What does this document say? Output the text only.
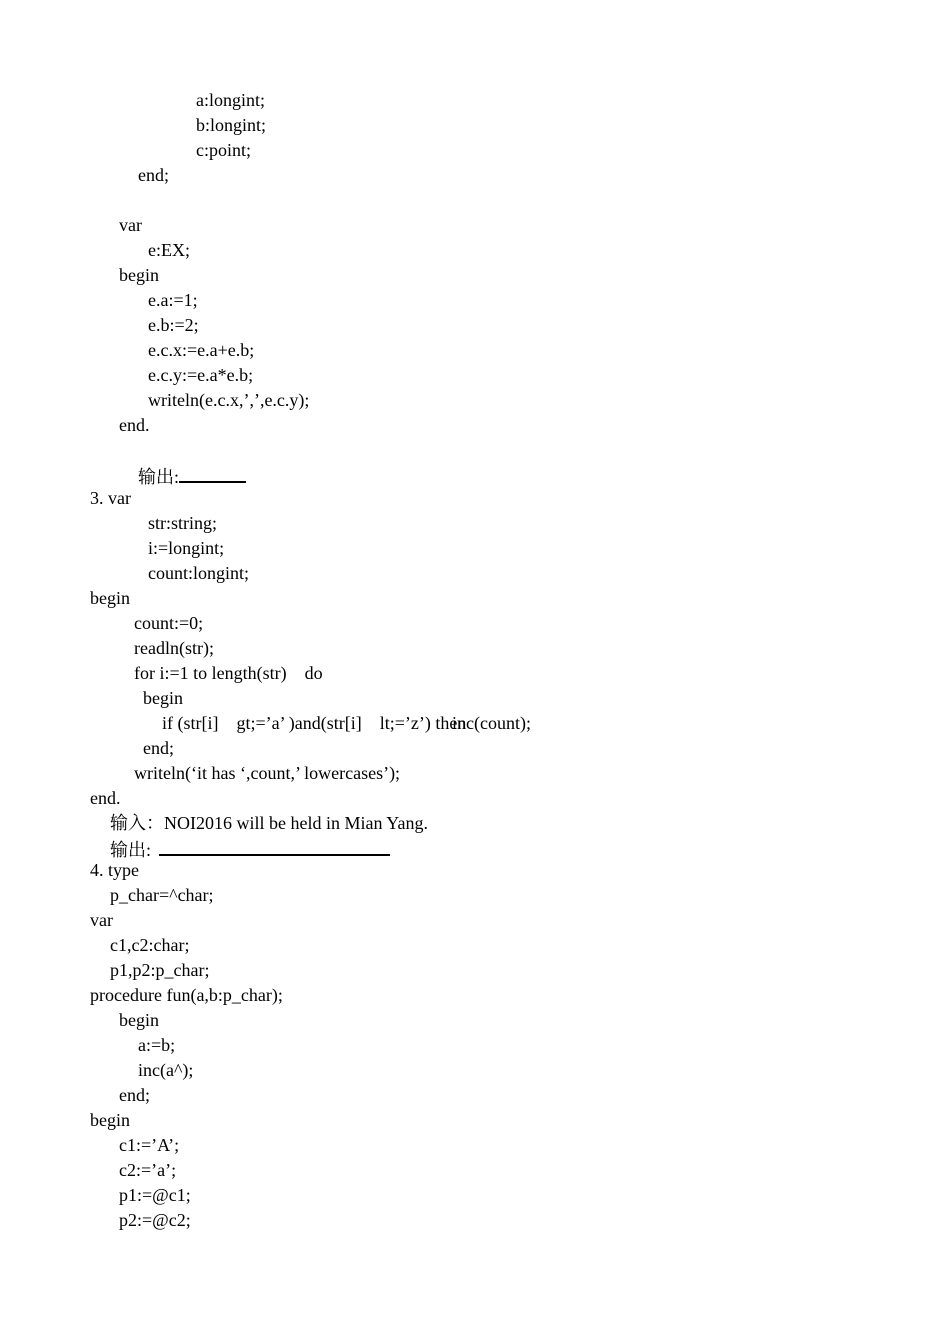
a:longint;
b:longint;
c:point;
end;
var
e:EX;
begin
e.a:=1;
e.b:=2;
e.c.x:=e.a+e.b;
e.c.y:=e.a*e.b;
writeln(e.c.x,’,’,e.c.y);
end.
输出:
3. var
str:string;
i:=longint;
count:longint;
begin
count:=0;
readln(str);
for i:=1 to length(str)    do
begin
if (str[i]    gt;=’a’ )and(str[i]    lt;=’z’) then
inc(count);
end;
writeln(‘it has ‘,count,’ lowercases’);
end.
输入：NOI2016 will be held in Mian Yang.
输出:
4. type
p_char=^char;
var
c1,c2:char;
p1,p2:p_char;
procedure fun(a,b:p_char);
begin
a:=b;
inc(a^);
end;
begin
c1:=’A’;
c2:=’a’;
p1:=@c1;
p2:=@c2;
